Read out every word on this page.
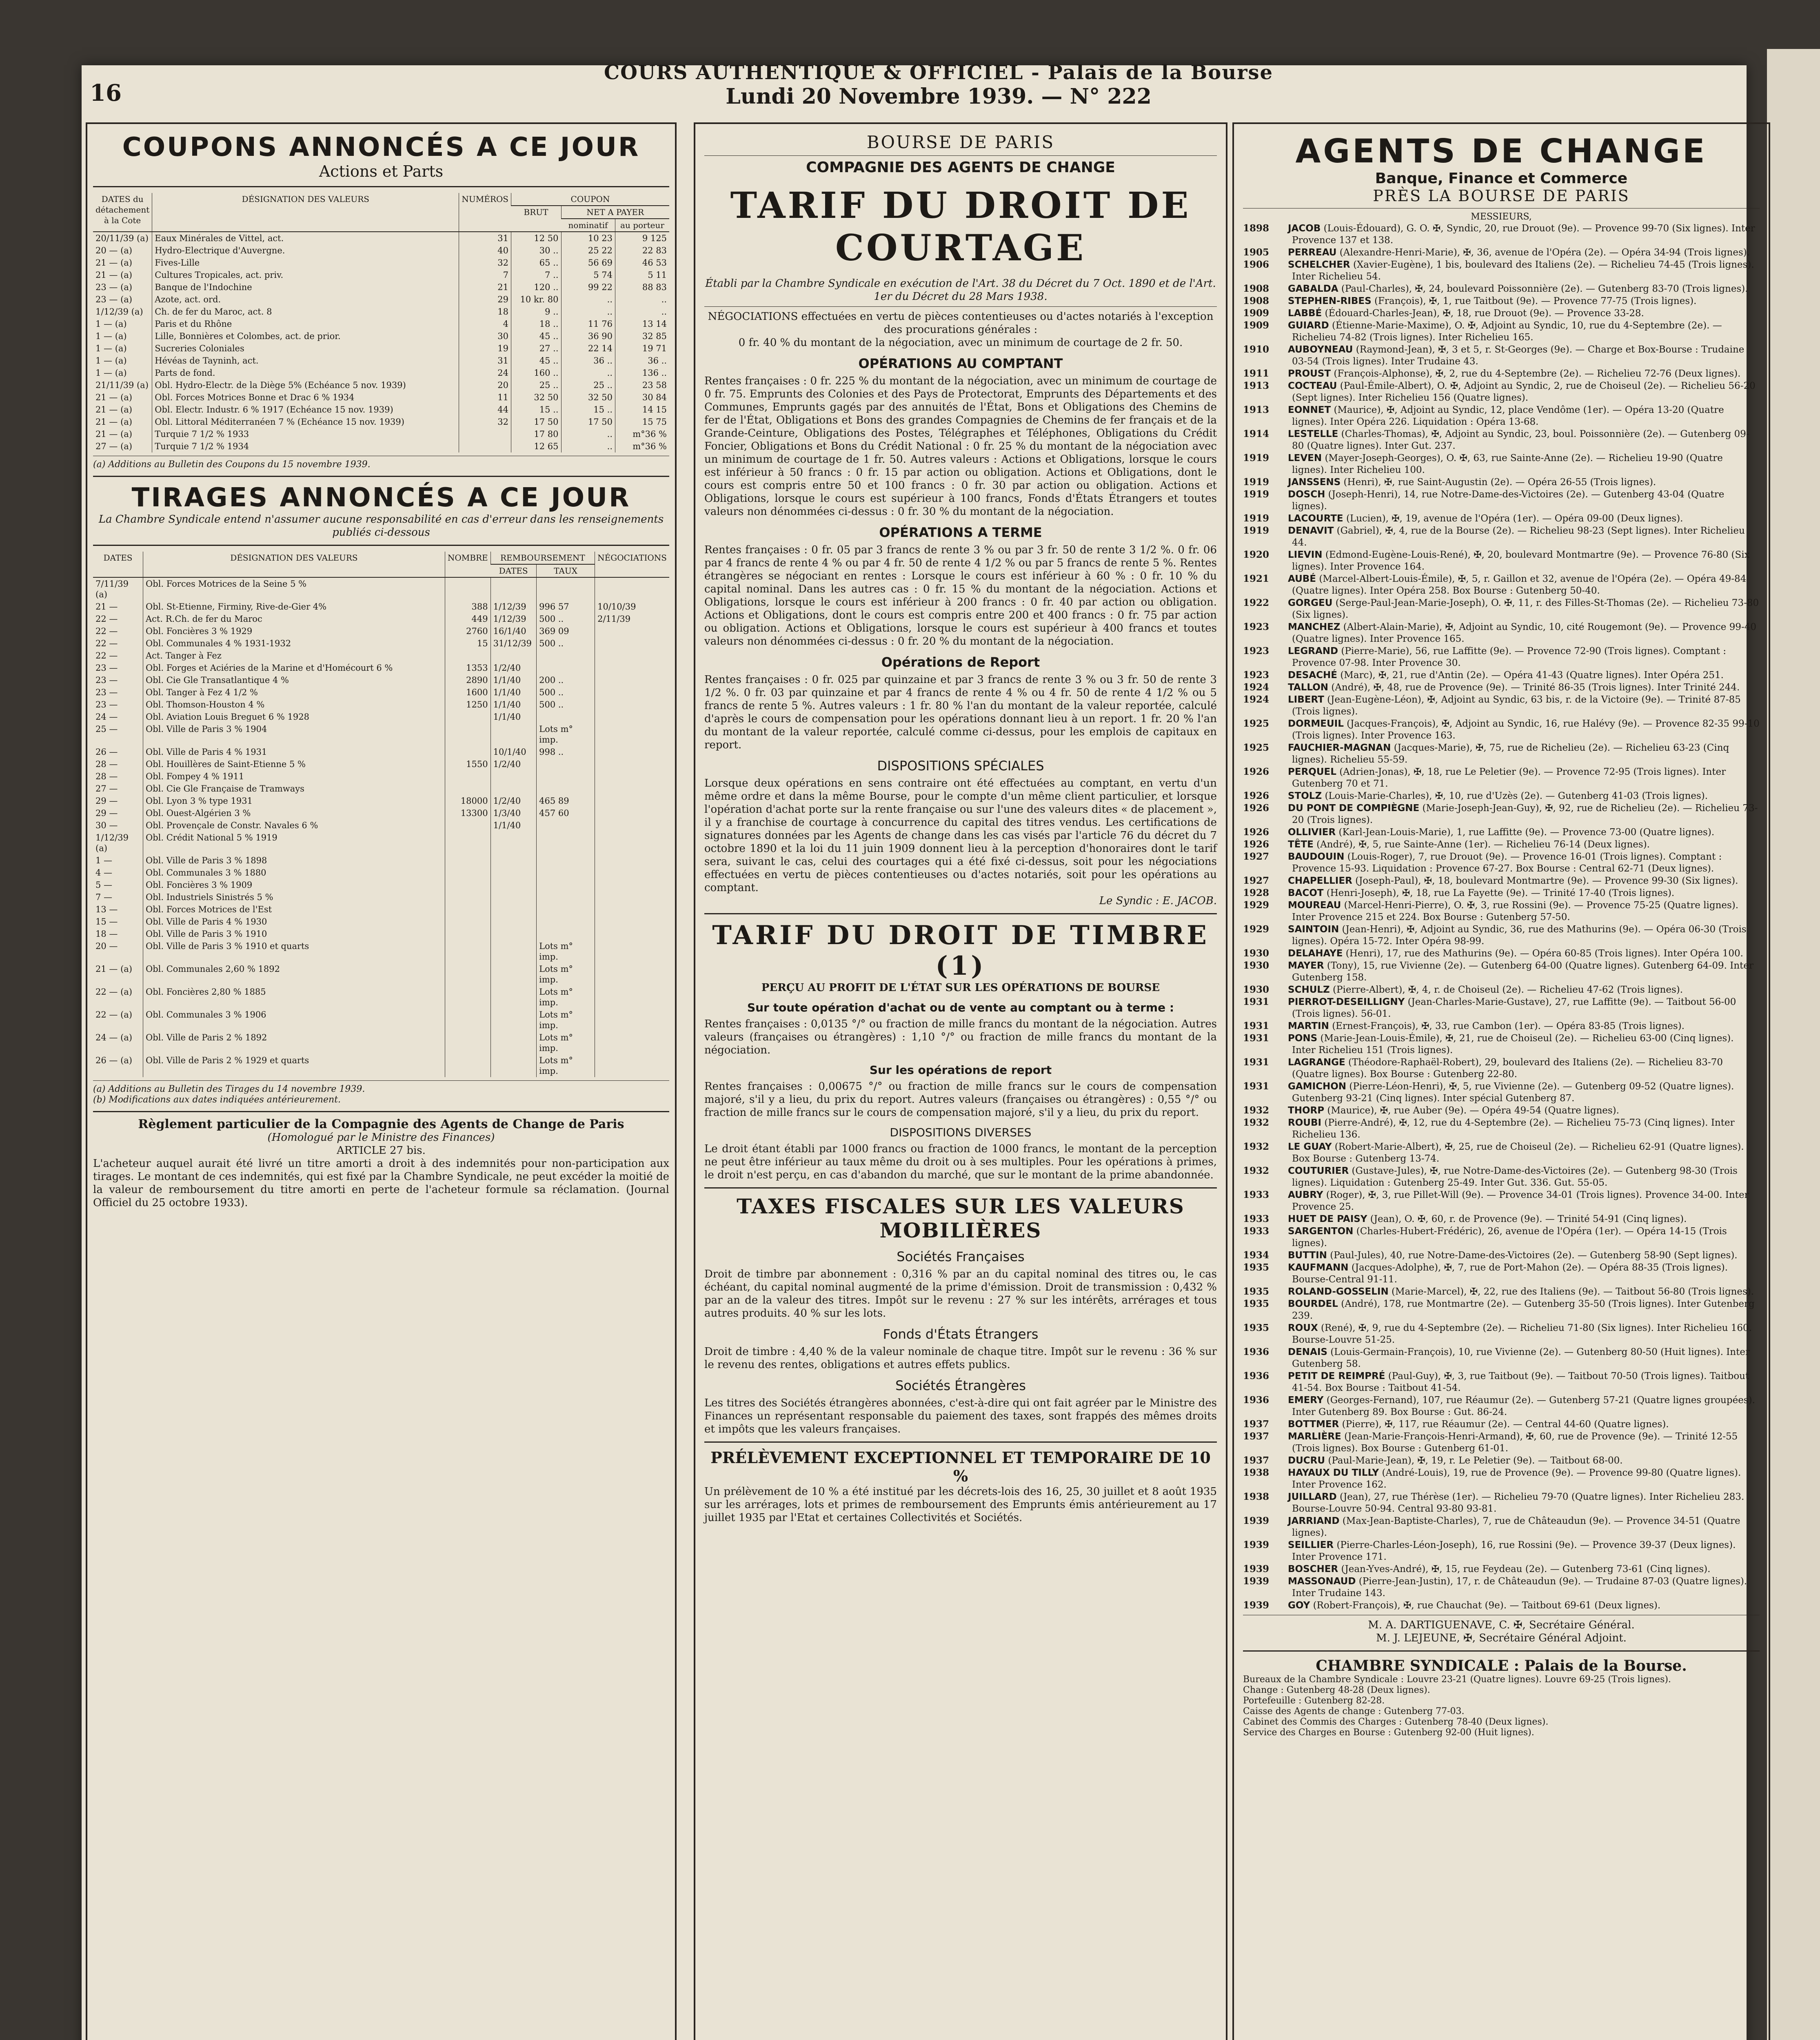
16
COURS AUTHENTIQUE & OFFICIEL - Palais de la Bourse
Lundi 20 Novembre 1939. — N° 222
COUPONS ANNONCÉS A CE JOUR
Actions et Parts
DATES du détachement à la Cote	DÉSIGNATION DES VALEURS	NUMÉROS	COUPON		
			BRUT	NET A PAYER	
				nominatif	au porteur
20/11/39 (a)	Eaux Minérales de Vittel, act.	31	12 50	10 23	9 125
20 — (a)	Hydro-Electrique d'Auvergne.	40	30 ..	25 22	22 83
21 — (a)	Fives-Lille	32	65 ..	56 69	46 53
21 — (a)	Cultures Tropicales, act. priv.	7	7 ..	5 74	5 11
23 — (a)	Banque de l'Indochine	21	120 ..	99 22	88 83
23 — (a)	Azote, act. ord.	29	10 kr. 80	..	..
1/12/39 (a)	Ch. de fer du Maroc, act. 8	18	9 ..	..	..
1 — (a)	Paris et du Rhône	4	18 ..	11 76	13 14
1 — (a)	Lille, Bonnières et Colombes, act. de prior.	30	45 ..	36 90	32 85
1 — (a)	Sucreries Coloniales	19	27 ..	22 14	19 71
1 — (a)	Hévéas de Tayninh, act.	31	45 ..	36 ..	36 ..
1 — (a)	Parts de fond.	24	160 ..	..	136 ..
21/11/39 (a)	Obl. Hydro-Electr. de la Diège 5% (Echéance 5 nov. 1939)	20	25 ..	25 ..	23 58
21 — (a)	Obl. Forces Motrices Bonne et Drac 6 % 1934	11	32 50	32 50	30 84
21 — (a)	Obl. Electr. Industr. 6 % 1917 (Echéance 15 nov. 1939)	44	15 ..	15 ..	14 15
21 — (a)	Obl. Littoral Méditerranéen 7 % (Echéance 15 nov. 1939)	32	17 50	17 50	15 75
21 — (a)	Turquie 7 1/2 % 1933		17 80	..	m°36 %
27 — (a)	Turquie 7 1/2 % 1934		12 65	..	m°36 %
(a) Additions au Bulletin des Coupons du 15 novembre 1939.
TIRAGES ANNONCÉS A CE JOUR
La Chambre Syndicale entend n'assumer aucune responsabilité en cas d'erreur dans les renseignements publiés ci-dessous
DATES	DÉSIGNATION DES VALEURS	NOMBRE	REMBOURSEMENT		NÉGOCIATIONS
			DATES	TAUX	
7/11/39 (a)	Obl. Forces Motrices de la Seine 5 %				
21 —	Obl. St-Etienne, Firminy, Rive-de-Gier 4%	388	1/12/39	996 57	10/10/39
22 —	Act. R.Ch. de fer du Maroc	449	1/12/39	500 ..	2/11/39
22 —	Obl. Foncières 3 % 1929	2760	16/1/40	369 09	
22 —	Obl. Communales 4 % 1931-1932	15	31/12/39	500 ..	
22 —	Act. Tanger à Fez				
23 —	Obl. Forges et Aciéries de la Marine et d'Homécourt 6 %	1353	1/2/40		
23 —	Obl. Cie Gle Transatlantique 4 %	2890	1/1/40	200 ..	
23 —	Obl. Tanger à Fez 4 1/2 %	1600	1/1/40	500 ..	
23 —	Obl. Thomson-Houston 4 %	1250	1/1/40	500 ..	
24 —	Obl. Aviation Louis Breguet 6 % 1928		1/1/40		
25 —	Obl. Ville de Paris 3 % 1904			Lots m° imp.	
26 —	Obl. Ville de Paris 4 % 1931		10/1/40	998 ..	
28 —	Obl. Houillères de Saint-Etienne 5 %	1550	1/2/40		
28 —	Obl. Fompey 4 % 1911				
27 —	Obl. Cie Gle Française de Tramways				
29 —	Obl. Lyon 3 % type 1931	18000	1/2/40	465 89	
29 —	Obl. Ouest-Algérien 3 %	13300	1/3/40	457 60	
30 —	Obl. Provençale de Constr. Navales 6 %		1/1/40		
1/12/39 (a)	Obl. Crédit National 5 % 1919				
1 —	Obl. Ville de Paris 3 % 1898				
4 —	Obl. Communales 3 % 1880				
5 —	Obl. Foncières 3 % 1909				
7 —	Obl. Industriels Sinistrés 5 %				
13 —	Obl. Forces Motrices de l'Est				
15 —	Obl. Ville de Paris 4 % 1930				
18 —	Obl. Ville de Paris 3 % 1910				
20 —	Obl. Ville de Paris 3 % 1910 et quarts			Lots m° imp.	
21 — (a)	Obl. Communales 2,60 % 1892			Lots m° imp.	
22 — (a)	Obl. Foncières 2,80 % 1885			Lots m° imp.	
22 — (a)	Obl. Communales 3 % 1906			Lots m° imp.	
24 — (a)	Obl. Ville de Paris 2 % 1892			Lots m° imp.	
26 — (a)	Obl. Ville de Paris 2 % 1929 et quarts			Lots m° imp.	
(a) Additions au Bulletin des Tirages du 14 novembre 1939.
(b) Modifications aux dates indiquées antérieurement.
Règlement particulier de la Compagnie des Agents de Change de Paris
(Homologué par le Ministre des Finances)
ARTICLE 27 bis.
L'acheteur auquel aurait été livré un titre amorti a droit à des indemnités pour non-participation aux tirages. Le montant de ces indemnités, qui est fixé par la Chambre Syndicale, ne peut excéder la moitié de la valeur de remboursement du titre amorti en perte de l'acheteur formule sa réclamation. (Journal Officiel du 25 octobre 1933).
BOURSE DE PARIS
COMPAGNIE DES AGENTS DE CHANGE
TARIF DU DROIT DE COURTAGE
Établi par la Chambre Syndicale en exécution de l'Art. 38 du Décret du 7 Oct. 1890 et de l'Art. 1er du Décret du 28 Mars 1938.
NÉGOCIATIONS effectuées en vertu de pièces contentieuses ou d'actes notariés à l'exception des procurations générales :
0 fr. 40 % du montant de la négociation, avec un minimum de courtage de 2 fr. 50.
OPÉRATIONS AU COMPTANT
Rentes françaises : 0 fr. 225 % du montant de la négociation, avec un minimum de courtage de 0 fr. 75. Emprunts des Colonies et des Pays de Protectorat, Emprunts des Départements et des Communes, Emprunts gagés par des annuités de l'État, Bons et Obligations des Chemins de fer de l'État, Obligations et Bons des grandes Compagnies de Chemins de fer français et de la Grande-Ceinture, Obligations des Postes, Télégraphes et Téléphones, Obligations du Crédit Foncier, Obligations et Bons du Crédit National : 0 fr. 25 % du montant de la négociation avec un minimum de courtage de 1 fr. 50. Autres valeurs : Actions et Obligations, lorsque le cours est inférieur à 50 francs : 0 fr. 15 par action ou obligation. Actions et Obligations, dont le cours est compris entre 50 et 100 francs : 0 fr. 30 par action ou obligation. Actions et Obligations, lorsque le cours est supérieur à 100 francs, Fonds d'États Étrangers et toutes valeurs non dénommées ci-dessus : 0 fr. 30 % du montant de la négociation.
OPÉRATIONS A TERME
Rentes françaises : 0 fr. 05 par 3 francs de rente 3 % ou par 3 fr. 50 de rente 3 1/2 %. 0 fr. 06 par 4 francs de rente 4 % ou par 4 fr. 50 de rente 4 1/2 % ou par 5 francs de rente 5 %. Rentes étrangères se négociant en rentes : Lorsque le cours est inférieur à 60 % : 0 fr. 10 % du capital nominal. Dans les autres cas : 0 fr. 15 % du montant de la négociation. Actions et Obligations, lorsque le cours est inférieur à 200 francs : 0 fr. 40 par action ou obligation. Actions et Obligations, dont le cours est compris entre 200 et 400 francs : 0 fr. 75 par action ou obligation. Actions et Obligations, lorsque le cours est supérieur à 400 francs et toutes valeurs non dénommées ci-dessus : 0 fr. 20 % du montant de la négociation.
Opérations de Report
Rentes françaises : 0 fr. 025 par quinzaine et par 3 francs de rente 3 % ou 3 fr. 50 de rente 3 1/2 %. 0 fr. 03 par quinzaine et par 4 francs de rente 4 % ou 4 fr. 50 de rente 4 1/2 % ou 5 francs de rente 5 %. Autres valeurs : 1 fr. 80 % l'an du montant de la valeur reportée, calculé d'après le cours de compensation pour les opérations donnant lieu à un report. 1 fr. 20 % l'an du montant de la valeur reportée, calculé comme ci-dessus, pour les emplois de capitaux en report.
DISPOSITIONS SPÉCIALES
Lorsque deux opérations en sens contraire ont été effectuées au comptant, en vertu d'un même ordre et dans la même Bourse, pour le compte d'un même client particulier, et lorsque l'opération d'achat porte sur la rente française ou sur l'une des valeurs dites « de placement », il y a franchise de courtage à concurrence du capital des titres vendus. Les certifications de signatures données par les Agents de change dans les cas visés par l'article 76 du décret du 7 octobre 1890 et la loi du 11 juin 1909 donnent lieu à la perception d'honoraires dont le tarif sera, suivant le cas, celui des courtages qui a été fixé ci-dessus, soit pour les négociations effectuées en vertu de pièces contentieuses ou d'actes notariés, soit pour les opérations au comptant.
Le Syndic : E. JACOB.
TARIF DU DROIT DE TIMBRE (1)
PERÇU AU PROFIT DE L'ÉTAT SUR LES OPÉRATIONS DE BOURSE
Sur toute opération d'achat ou de vente au comptant ou à terme :
Rentes françaises : 0,0135 °/° ou fraction de mille francs du montant de la négociation. Autres valeurs (françaises ou étrangères) : 1,10 °/° ou fraction de mille francs du montant de la négociation.
Sur les opérations de report
Rentes françaises : 0,00675 °/° ou fraction de mille francs sur le cours de compensation majoré, s'il y a lieu, du prix du report. Autres valeurs (françaises ou étrangères) : 0,55 °/° ou fraction de mille francs sur le cours de compensation majoré, s'il y a lieu, du prix du report.
DISPOSITIONS DIVERSES
Le droit étant établi par 1000 francs ou fraction de 1000 francs, le montant de la perception ne peut être inférieur au taux même du droit ou à ses multiples. Pour les opérations à primes, le droit n'est perçu, en cas d'abandon du marché, que sur le montant de la prime abandonnée.
TAXES FISCALES SUR LES VALEURS MOBILIÈRES
Sociétés Françaises
Droit de timbre par abonnement : 0,316 % par an du capital nominal des titres ou, le cas échéant, du capital nominal augmenté de la prime d'émission. Droit de transmission : 0,432 % par an de la valeur des titres. Impôt sur le revenu : 27 % sur les intérêts, arrérages et tous autres produits. 40 % sur les lots.
Fonds d'États Étrangers
Droit de timbre : 4,40 % de la valeur nominale de chaque titre. Impôt sur le revenu : 36 % sur le revenu des rentes, obligations et autres effets publics.
Sociétés Étrangères
Les titres des Sociétés étrangères abonnées, c'est-à-dire qui ont fait agréer par le Ministre des Finances un représentant responsable du paiement des taxes, sont frappés des mêmes droits et impôts que les valeurs françaises.
PRÉLÈVEMENT EXCEPTIONNEL ET TEMPORAIRE DE 10 %
Un prélèvement de 10 % a été institué par les décrets-lois des 16, 25, 30 juillet et 8 août 1935 sur les arrérages, lots et primes de remboursement des Emprunts émis antérieurement au 17 juillet 1935 par l'Etat et certaines Collectivités et Sociétés.
AGENTS DE CHANGE
Banque, Finance et Commerce
PRÈS LA BOURSE DE PARIS
MESSIEURS,

1898 JACOB (Louis-Édouard), G. O. ✠, Syndic, 20, rue Drouot (9e). — Provence 99-70 (Six lignes). Inter Provence 137 et 138.

1905 PERREAU (Alexandre-Henri-Marie), ✠, 36, avenue de l'Opéra (2e). — Opéra 34-94 (Trois lignes).

1906 SCHELCHER (Xavier-Eugène), 1 bis, boulevard des Italiens (2e). — Richelieu 74-45 (Trois lignes). Inter Richelieu 54.

1908 GABALDA (Paul-Charles), ✠, 24, boulevard Poissonnière (2e). — Gutenberg 83-70 (Trois lignes).

1908 STEPHEN-RIBES (François), ✠, 1, rue Taitbout (9e). — Provence 77-75 (Trois lignes).

1909 LABBÉ (Édouard-Charles-Jean), ✠, 18, rue Drouot (9e). — Provence 33-28.

1909 GUIARD (Étienne-Marie-Maxime), O. ✠, Adjoint au Syndic, 10, rue du 4-Septembre (2e). — Richelieu 74-82 (Trois lignes). Inter Richelieu 165.

1910 AUBOYNEAU (Raymond-Jean), ✠, 3 et 5, r. St-Georges (9e). — Charge et Box-Bourse : Trudaine 03-54 (Trois lignes). Inter Trudaine 43.

1911 PROUST (François-Alphonse), ✠, 2, rue du 4-Septembre (2e). — Richelieu 72-76 (Deux lignes).

1913 COCTEAU (Paul-Émile-Albert), O. ✠, Adjoint au Syndic, 2, rue de Choiseul (2e). — Richelieu 56-20 (Sept lignes). Inter Richelieu 156 (Quatre lignes).

1913 EONNET (Maurice), ✠, Adjoint au Syndic, 12, place Vendôme (1er). — Opéra 13-20 (Quatre lignes). Inter Opéra 226. Liquidation : Opéra 13-68.

1914 LESTELLE (Charles-Thomas), ✠, Adjoint au Syndic, 23, boul. Poissonnière (2e). — Gutenberg 09-80 (Quatre lignes). Inter Gut. 237.

1919 LEVEN (Mayer-Joseph-Georges), O. ✠, 63, rue Sainte-Anne (2e). — Richelieu 19-90 (Quatre lignes). Inter Richelieu 100.

1919 JANSSENS (Henri), ✠, rue Saint-Augustin (2e). — Opéra 26-55 (Trois lignes).

1919 DOSCH (Joseph-Henri), 14, rue Notre-Dame-des-Victoires (2e). — Gutenberg 43-04 (Quatre lignes).

1919 LACOURTE (Lucien), ✠, 19, avenue de l'Opéra (1er). — Opéra 09-00 (Deux lignes).

1919 DENAVIT (Gabriel), ✠, 4, rue de la Bourse (2e). — Richelieu 98-23 (Sept lignes). Inter Richelieu 44.

1920 LIEVIN (Edmond-Eugène-Louis-René), ✠, 20, boulevard Montmartre (9e). — Provence 76-80 (Six lignes). Inter Provence 164.

1921 AUBÉ (Marcel-Albert-Louis-Émile), ✠, 5, r. Gaillon et 32, avenue de l'Opéra (2e). — Opéra 49-84 (Quatre lignes). Inter Opéra 258. Box Bourse : Gutenberg 50-40.

1922 GORGEU (Serge-Paul-Jean-Marie-Joseph), O. ✠, 11, r. des Filles-St-Thomas (2e). — Richelieu 73-80 (Six lignes).

1923 MANCHEZ (Albert-Alain-Marie), ✠, Adjoint au Syndic, 10, cité Rougemont (9e). — Provence 99-40 (Quatre lignes). Inter Provence 165.

1923 LEGRAND (Pierre-Marie), 56, rue Laffitte (9e). — Provence 72-90 (Trois lignes). Comptant : Provence 07-98. Inter Provence 30.

1923 DESACHÉ (Marc), ✠, 21, rue d'Antin (2e). — Opéra 41-43 (Quatre lignes). Inter Opéra 251.

1924 TALLON (André), ✠, 48, rue de Provence (9e). — Trinité 86-35 (Trois lignes). Inter Trinité 244.

1924 LIBERT (Jean-Eugène-Léon), ✠, Adjoint au Syndic, 63 bis, r. de la Victoire (9e). — Trinité 87-85 (Trois lignes).

1925 DORMEUIL (Jacques-François), ✠, Adjoint au Syndic, 16, rue Halévy (9e). — Provence 82-35 99-10 (Trois lignes). Inter Provence 163.

1925 FAUCHIER-MAGNAN (Jacques-Marie), ✠, 75, rue de Richelieu (2e). — Richelieu 63-23 (Cinq lignes). Richelieu 55-59.

1926 PERQUEL (Adrien-Jonas), ✠, 18, rue Le Peletier (9e). — Provence 72-95 (Trois lignes). Inter Gutenberg 70 et 71.

1926 STOLZ (Louis-Marie-Charles), ✠, 10, rue d'Uzès (2e). — Gutenberg 41-03 (Trois lignes).

1926 DU PONT DE COMPIÈGNE (Marie-Joseph-Jean-Guy), ✠, 92, rue de Richelieu (2e). — Richelieu 73-20 (Trois lignes).

1926 OLLIVIER (Karl-Jean-Louis-Marie), 1, rue Laffitte (9e). — Provence 73-00 (Quatre lignes).

1926 TÊTE (André), ✠, 5, rue Sainte-Anne (1er). — Richelieu 76-14 (Deux lignes).

1927 BAUDOUIN (Louis-Roger), 7, rue Drouot (9e). — Provence 16-01 (Trois lignes). Comptant : Provence 15-93. Liquidation : Provence 67-27. Box Bourse : Central 62-71 (Deux lignes).

1927 CHAPELLIER (Joseph-Paul), ✠, 18, boulevard Montmartre (9e). — Provence 99-30 (Six lignes).

1928 BACOT (Henri-Joseph), ✠, 18, rue La Fayette (9e). — Trinité 17-40 (Trois lignes).

1929 MOUREAU (Marcel-Henri-Pierre), O. ✠, 3, rue Rossini (9e). — Provence 75-25 (Quatre lignes). Inter Provence 215 et 224. Box Bourse : Gutenberg 57-50.

1929 SAINTOIN (Jean-Henri), ✠, Adjoint au Syndic, 36, rue des Mathurins (9e). — Opéra 06-30 (Trois lignes). Opéra 15-72. Inter Opéra 98-99.

1930 DELAHAYE (Henri), 17, rue des Mathurins (9e). — Opéra 60-85 (Trois lignes). Inter Opéra 100.

1930 MAYER (Tony), 15, rue Vivienne (2e). — Gutenberg 64-00 (Quatre lignes). Gutenberg 64-09. Inter Gutenberg 158.

1930 SCHULZ (Pierre-Albert), ✠, 4, r. de Choiseul (2e). — Richelieu 47-62 (Trois lignes).

1931 PIERROT-DESEILLIGNY (Jean-Charles-Marie-Gustave), 27, rue Laffitte (9e). — Taitbout 56-00 (Trois lignes). 56-01.

1931 MARTIN (Ernest-François), ✠, 33, rue Cambon (1er). — Opéra 83-85 (Trois lignes).

1931 PONS (Marie-Jean-Louis-Émile), ✠, 21, rue de Choiseul (2e). — Richelieu 63-00 (Cinq lignes). Inter Richelieu 151 (Trois lignes).

1931 LAGRANGE (Théodore-Raphaël-Robert), 29, boulevard des Italiens (2e). — Richelieu 83-70 (Quatre lignes). Box Bourse : Gutenberg 22-80.

1931 GAMICHON (Pierre-Léon-Henri), ✠, 5, rue Vivienne (2e). — Gutenberg 09-52 (Quatre lignes). Gutenberg 93-21 (Cinq lignes). Inter spécial Gutenberg 87.

1932 THORP (Maurice), ✠, rue Auber (9e). — Opéra 49-54 (Quatre lignes).

1932 ROUBI (Pierre-André), ✠, 12, rue du 4-Septembre (2e). — Richelieu 75-73 (Cinq lignes). Inter Richelieu 136.

1932 LE GUAY (Robert-Marie-Albert), ✠, 25, rue de Choiseul (2e). — Richelieu 62-91 (Quatre lignes). Box Bourse : Gutenberg 13-74.

1932 COUTURIER (Gustave-Jules), ✠, rue Notre-Dame-des-Victoires (2e). — Gutenberg 98-30 (Trois lignes). Liquidation : Gutenberg 25-49. Inter Gut. 336. Gut. 55-05.

1933 AUBRY (Roger), ✠, 3, rue Pillet-Will (9e). — Provence 34-01 (Trois lignes). Provence 34-00. Inter Provence 25.

1933 HUET DE PAISY (Jean), O. ✠, 60, r. de Provence (9e). — Trinité 54-91 (Cinq lignes).

1933 SARGENTON (Charles-Hubert-Frédéric), 26, avenue de l'Opéra (1er). — Opéra 14-15 (Trois lignes).

1934 BUTTIN (Paul-Jules), 40, rue Notre-Dame-des-Victoires (2e). — Gutenberg 58-90 (Sept lignes).

1935 KAUFMANN (Jacques-Adolphe), ✠, 7, rue de Port-Mahon (2e). — Opéra 88-35 (Trois lignes). Bourse-Central 91-11.

1935 ROLAND-GOSSELIN (Marie-Marcel), ✠, 22, rue des Italiens (9e). — Taitbout 56-80 (Trois lignes).

1935 BOURDEL (André), 178, rue Montmartre (2e). — Gutenberg 35-50 (Trois lignes). Inter Gutenberg 239.

1935 ROUX (René), ✠, 9, rue du 4-Septembre (2e). — Richelieu 71-80 (Six lignes). Inter Richelieu 160. Bourse-Louvre 51-25.

1936 DENAIS (Louis-Germain-François), 10, rue Vivienne (2e). — Gutenberg 80-50 (Huit lignes). Inter Gutenberg 58.

1936 PETIT DE REIMPRÉ (Paul-Guy), ✠, 3, rue Taitbout (9e). — Taitbout 70-50 (Trois lignes). Taitbout 41-54. Box Bourse : Taitbout 41-54.

1936 EMERY (Georges-Fernand), 107, rue Réaumur (2e). — Gutenberg 57-21 (Quatre lignes groupées). Inter Gutenberg 89. Box Bourse : Gut. 86-24.

1937 BOTTMER (Pierre), ✠, 117, rue Réaumur (2e). — Central 44-60 (Quatre lignes).

1937 MARLIÈRE (Jean-Marie-François-Henri-Armand), ✠, 60, rue de Provence (9e). — Trinité 12-55 (Trois lignes). Box Bourse : Gutenberg 61-01.

1937 DUCRU (Paul-Marie-Jean), ✠, 19, r. Le Peletier (9e). — Taitbout 68-00.

1938 HAYAUX DU TILLY (André-Louis), 19, rue de Provence (9e). — Provence 99-80 (Quatre lignes). Inter Provence 162.

1938 JUILLARD (Jean), 27, rue Thérèse (1er). — Richelieu 79-70 (Quatre lignes). Inter Richelieu 283. Bourse-Louvre 50-94. Central 93-80 93-81.

1939 JARRIAND (Max-Jean-Baptiste-Charles), 7, rue de Châteaudun (9e). — Provence 34-51 (Quatre lignes).

1939 SEILLIER (Pierre-Charles-Léon-Joseph), 16, rue Rossini (9e). — Provence 39-37 (Deux lignes). Inter Provence 171.

1939 BOSCHER (Jean-Yves-André), ✠, 15, rue Feydeau (2e). — Gutenberg 73-61 (Cinq lignes).

1939 MASSONAUD (Pierre-Jean-Justin), 17, r. de Châteaudun (9e). — Trudaine 87-03 (Quatre lignes). Inter Trudaine 143.

1939 GOY (Robert-François), ✠, rue Chauchat (9e). — Taitbout 69-61 (Deux lignes).

M. A. DARTIGUENAVE, C. ✠, Secrétaire Général.
M. J. LEJEUNE, ✠, Secrétaire Général Adjoint.
CHAMBRE SYNDICALE : Palais de la Bourse.
Bureaux de la Chambre Syndicale : Louvre 23-21 (Quatre lignes). Louvre 69-25 (Trois lignes).
Change : Gutenberg 48-28 (Deux lignes).
Portefeuille : Gutenberg 82-28.
Caisse des Agents de change : Gutenberg 77-03.
Cabinet des Commis des Charges : Gutenberg 78-40 (Deux lignes).
Service des Charges en Bourse : Gutenberg 92-00 (Huit lignes).
